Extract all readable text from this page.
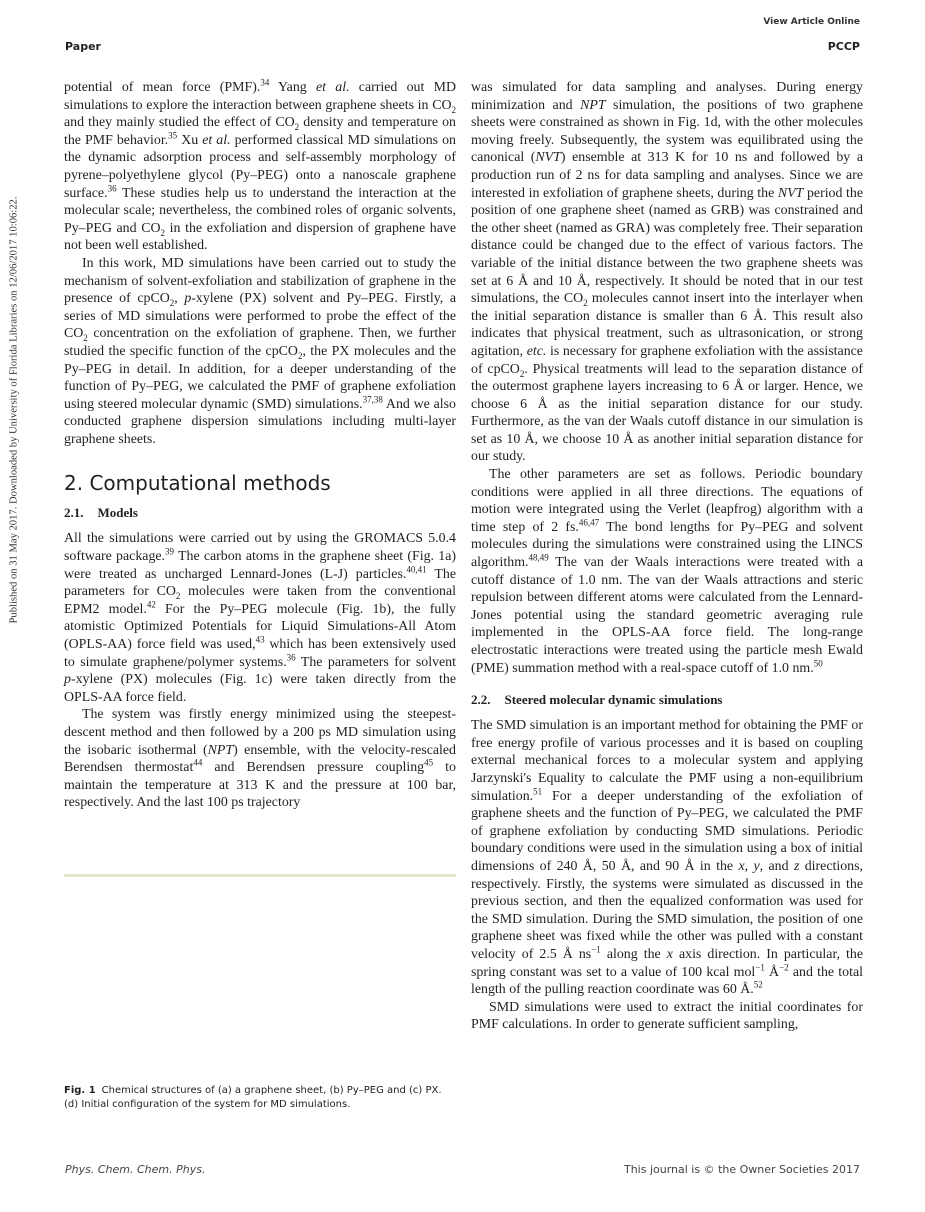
View Article Online
Paper	PCCP
Published on 31 May 2017. Downloaded by University of Florida Libraries on 12/06/2017 10:06:22.

potential of mean force (PMF).$^{34}$ Yang et al. carried out MD simulations to explore the interaction between graphene sheets in $CO_2$ and they mainly studied the effect of $CO_2$ density and temperature on the PMF behavior.$^{35}$ Xu et al. performed classical MD simulations on the dynamic adsorption process and self-assembly morphology of pyrene–polyethylene glycol (Py–PEG) onto a nanoscale graphene surface.$^{36}$ These studies help us to understand the interaction at the molecular scale; nevertheless, the combined roles of organic solvents, Py–PEG and $CO_2$ in the exfoliation and dispersion of graphene have not been well established.

In this work, MD simulations have been carried out to study the mechanism of solvent-exfoliation and stabilization of graphene in the presence of cpCO$_2$, p-xylene (PX) solvent and Py–PEG. Firstly, a series of MD simulations were performed to probe the effect of the $CO_2$ concentration on the exfoliation of graphene. Then, we further studied the specific function of the cpCO$_2$, the PX molecules and the Py–PEG in detail. In addition, for a deeper understanding of the function of Py–PEG, we calculated the PMF of graphene exfoliation using steered molecular dynamic (SMD) simulations.$^{37,38}$ And we also conducted graphene dispersion simulations including multi-layer graphene sheets.

2. Computational methods
2.1. Models

All the simulations were carried out by using the GROMACS 5.0.4 software package.$^{39}$ The carbon atoms in the graphene sheet (Fig. 1a) were treated as uncharged Lennard-Jones (L-J) particles.$^{40,41}$ The parameters for $CO_2$ molecules were taken from the conventional EPM2 model.$^{42}$ For the Py–PEG molecule (Fig. 1b), the fully atomistic Optimized Potentials for Liquid Simulations-All Atom (OPLS-AA) force field was used,$^{43}$ which has been extensively used to simulate graphene/polymer systems.$^{36}$ The parameters for solvent p-xylene (PX) molecules (Fig. 1c) were taken directly from the OPLS-AA force field.

The system was firstly energy minimized using the steepest-descent method and then followed by a 200 ps MD simulation using the isobaric isothermal (NPT) ensemble, with the velocity-rescaled Berendsen thermostat$^{44}$ and Berendsen pressure coupling$^{45}$ to maintain the temperature at 313 K and the pressure at 100 bar, respectively. And the last 100 ps trajectory

Fig. 1 Chemical structures of (a) a graphene sheet, (b) Py–PEG and (c) PX. (d) Initial configuration of the system for MD simulations.

was simulated for data sampling and analyses. During energy minimization and NPT simulation, the positions of two graphene sheets were constrained as shown in Fig. 1d, with the other molecules moving freely. Subsequently, the system was equilibrated using the canonical (NVT) ensemble at 313 K for 10 ns and followed by a production run of 2 ns for data sampling and analyses. Since we are interested in exfoliation of graphene sheets, during the NVT period the position of one graphene sheet (named as GRB) was constrained and the other sheet (named as GRA) was completely free. Their separation distance could be changed due to the effect of various factors. The variable of the initial distance between the two graphene sheets was set at 6 Å and 10 Å, respectively. It should be noted that in our test simulations, the $CO_2$ molecules cannot insert into the interlayer when the initial separation distance is smaller than 6 Å. This result also indicates that physical treatment, such as ultrasonication, or strong agitation, etc. is necessary for graphene exfoliation with the assistance of cpCO$_2$. Physical treatments will lead to the separation distance of the outermost graphene layers increasing to 6 Å or larger. Hence, we choose 6 Å as the initial separation distance for our study. Furthermore, as the van der Waals cutoff distance in our simulation is set as 10 Å, we choose 10 Å as another initial separation distance for our study.

The other parameters are set as follows. Periodic boundary conditions were applied in all three directions. The equations of motion were integrated using the Verlet (leapfrog) algorithm with a time step of 2 fs.$^{46,47}$ The bond lengths for Py–PEG and solvent molecules during the simulations were constrained using the LINCS algorithm.$^{48,49}$ The van der Waals interactions were treated with a cutoff distance of 1.0 nm. The van der Waals attractions and steric repulsion between different atoms were calculated from the Lennard-Jones potential using the standard geometric averaging rule implemented in the OPLS-AA force field. The long-range electrostatic interactions were treated using the particle mesh Ewald (PME) summation method with a real-space cutoff of 1.0 nm.$^{50}$

2.2. Steered molecular dynamic simulations

The SMD simulation is an important method for obtaining the PMF or free energy profile of various processes and it is based on coupling external mechanical forces to a molecular system and applying Jarzynski's Equality to calculate the PMF using a non-equilibrium simulation.$^{51}$ For a deeper understanding of the exfoliation of graphene sheets and the function of Py–PEG, we calculated the PMF of graphene exfoliation by conducting SMD simulations. Periodic boundary conditions were used in the simulation using a box of initial dimensions of 240 Å, 50 Å, and 90 Å in the x, y, and z directions, respectively. Firstly, the systems were simulated as discussed in the previous section, and then the equalized conformation was used for the SMD simulation. During the SMD simulation, the position of one graphene sheet was fixed while the other was pulled with a constant velocity of 2.5 Å $ns^{-1}$ along the x axis direction. In particular, the spring constant was set to a value of 100 kcal mol$^{-1}$ $Å^{-2}$ and the total length of the pulling reaction coordinate was 60 Å.$^{52}$

SMD simulations were used to extract the initial coordinates for PMF calculations. In order to generate sufficient sampling,

Phys. Chem. Chem. Phys.	This journal is © the Owner Societies 2017
